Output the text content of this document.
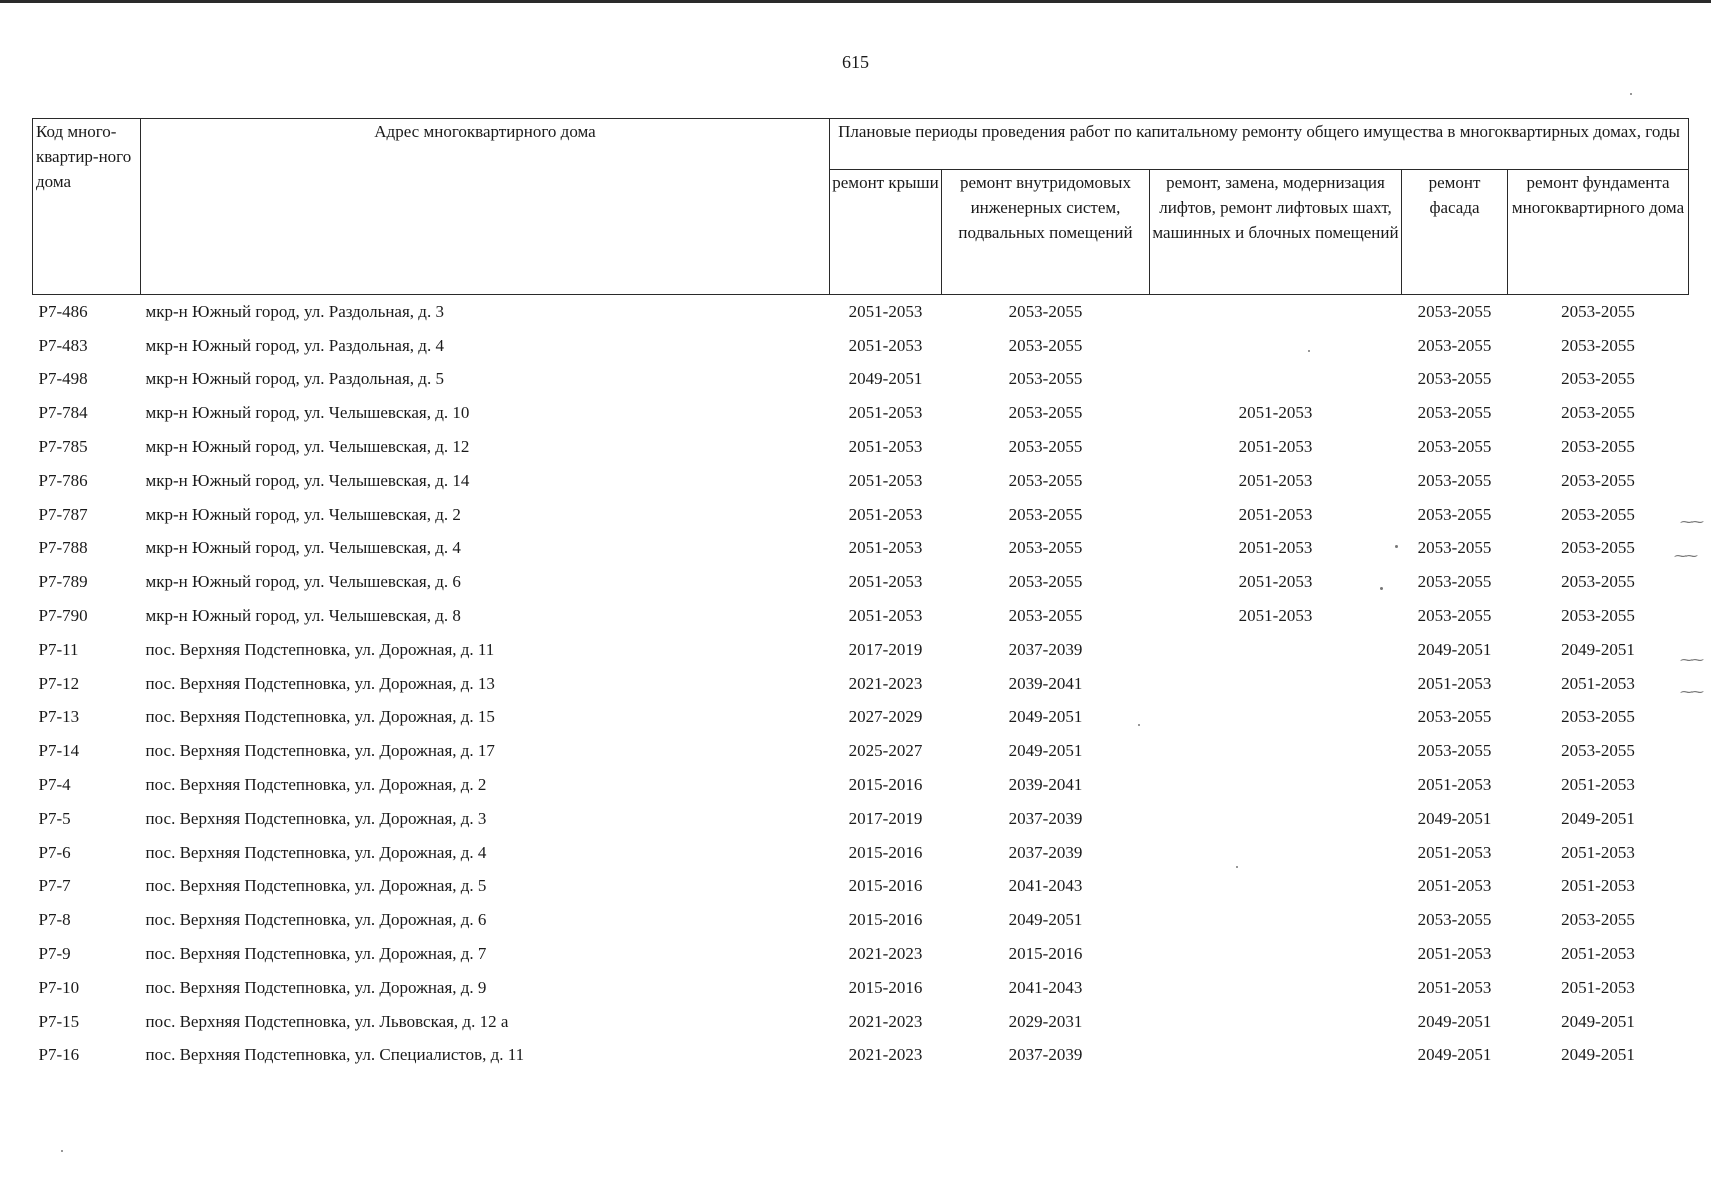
615
Код много-квартир-ного дома	Адрес многоквартирного дома	Плановые периоды проведения работ по капитальному ремонту общего имущества в многоквартирных домах, годы				
		ремонт крыши	ремонт внутридомовых инженерных систем, подвальных помещений	ремонт, замена, модернизация лифтов, ремонт лифтовых шахт, машинных и блочных помещений	ремонт фасада	ремонт фундамента многоквартирного дома
Р7-486	мкр-н Южный город, ул. Раздольная, д. 3	2051-2053	2053-2055		2053-2055	2053-2055
Р7-483	мкр-н Южный город, ул. Раздольная, д. 4	2051-2053	2053-2055		2053-2055	2053-2055
Р7-498	мкр-н Южный город, ул. Раздольная, д. 5	2049-2051	2053-2055		2053-2055	2053-2055
Р7-784	мкр-н Южный город, ул. Челышевская, д. 10	2051-2053	2053-2055	2051-2053	2053-2055	2053-2055
Р7-785	мкр-н Южный город, ул. Челышевская, д. 12	2051-2053	2053-2055	2051-2053	2053-2055	2053-2055
Р7-786	мкр-н Южный город, ул. Челышевская, д. 14	2051-2053	2053-2055	2051-2053	2053-2055	2053-2055
Р7-787	мкр-н Южный город, ул. Челышевская, д. 2	2051-2053	2053-2055	2051-2053	2053-2055	2053-2055
Р7-788	мкр-н Южный город, ул. Челышевская, д. 4	2051-2053	2053-2055	2051-2053	2053-2055	2053-2055
Р7-789	мкр-н Южный город, ул. Челышевская, д. 6	2051-2053	2053-2055	2051-2053	2053-2055	2053-2055
Р7-790	мкр-н Южный город, ул. Челышевская, д. 8	2051-2053	2053-2055	2051-2053	2053-2055	2053-2055
Р7-11	пос. Верхняя Подстепновка, ул. Дорожная, д. 11	2017-2019	2037-2039		2049-2051	2049-2051
Р7-12	пос. Верхняя Подстепновка, ул. Дорожная, д. 13	2021-2023	2039-2041		2051-2053	2051-2053
Р7-13	пос. Верхняя Подстепновка, ул. Дорожная, д. 15	2027-2029	2049-2051		2053-2055	2053-2055
Р7-14	пос. Верхняя Подстепновка, ул. Дорожная, д. 17	2025-2027	2049-2051		2053-2055	2053-2055
Р7-4	пос. Верхняя Подстепновка, ул. Дорожная, д. 2	2015-2016	2039-2041		2051-2053	2051-2053
Р7-5	пос. Верхняя Подстепновка, ул. Дорожная, д. 3	2017-2019	2037-2039		2049-2051	2049-2051
Р7-6	пос. Верхняя Подстепновка, ул. Дорожная, д. 4	2015-2016	2037-2039		2051-2053	2051-2053
Р7-7	пос. Верхняя Подстепновка, ул. Дорожная, д. 5	2015-2016	2041-2043		2051-2053	2051-2053
Р7-8	пос. Верхняя Подстепновка, ул. Дорожная, д. 6	2015-2016	2049-2051		2053-2055	2053-2055
Р7-9	пос. Верхняя Подстепновка, ул. Дорожная, д. 7	2021-2023	2015-2016		2051-2053	2051-2053
Р7-10	пос. Верхняя Подстепновка, ул. Дорожная, д. 9	2015-2016	2041-2043		2051-2053	2051-2053
Р7-15	пос. Верхняя Подстепновка, ул. Львовская, д. 12 а	2021-2023	2029-2031		2049-2051	2049-2051
Р7-16	пос. Верхняя Подстепновка, ул. Специалистов, д. 11	2021-2023	2037-2039		2049-2051	2049-2051
⁓⁓
⁓⁓
⁓⁓
⁓⁓
